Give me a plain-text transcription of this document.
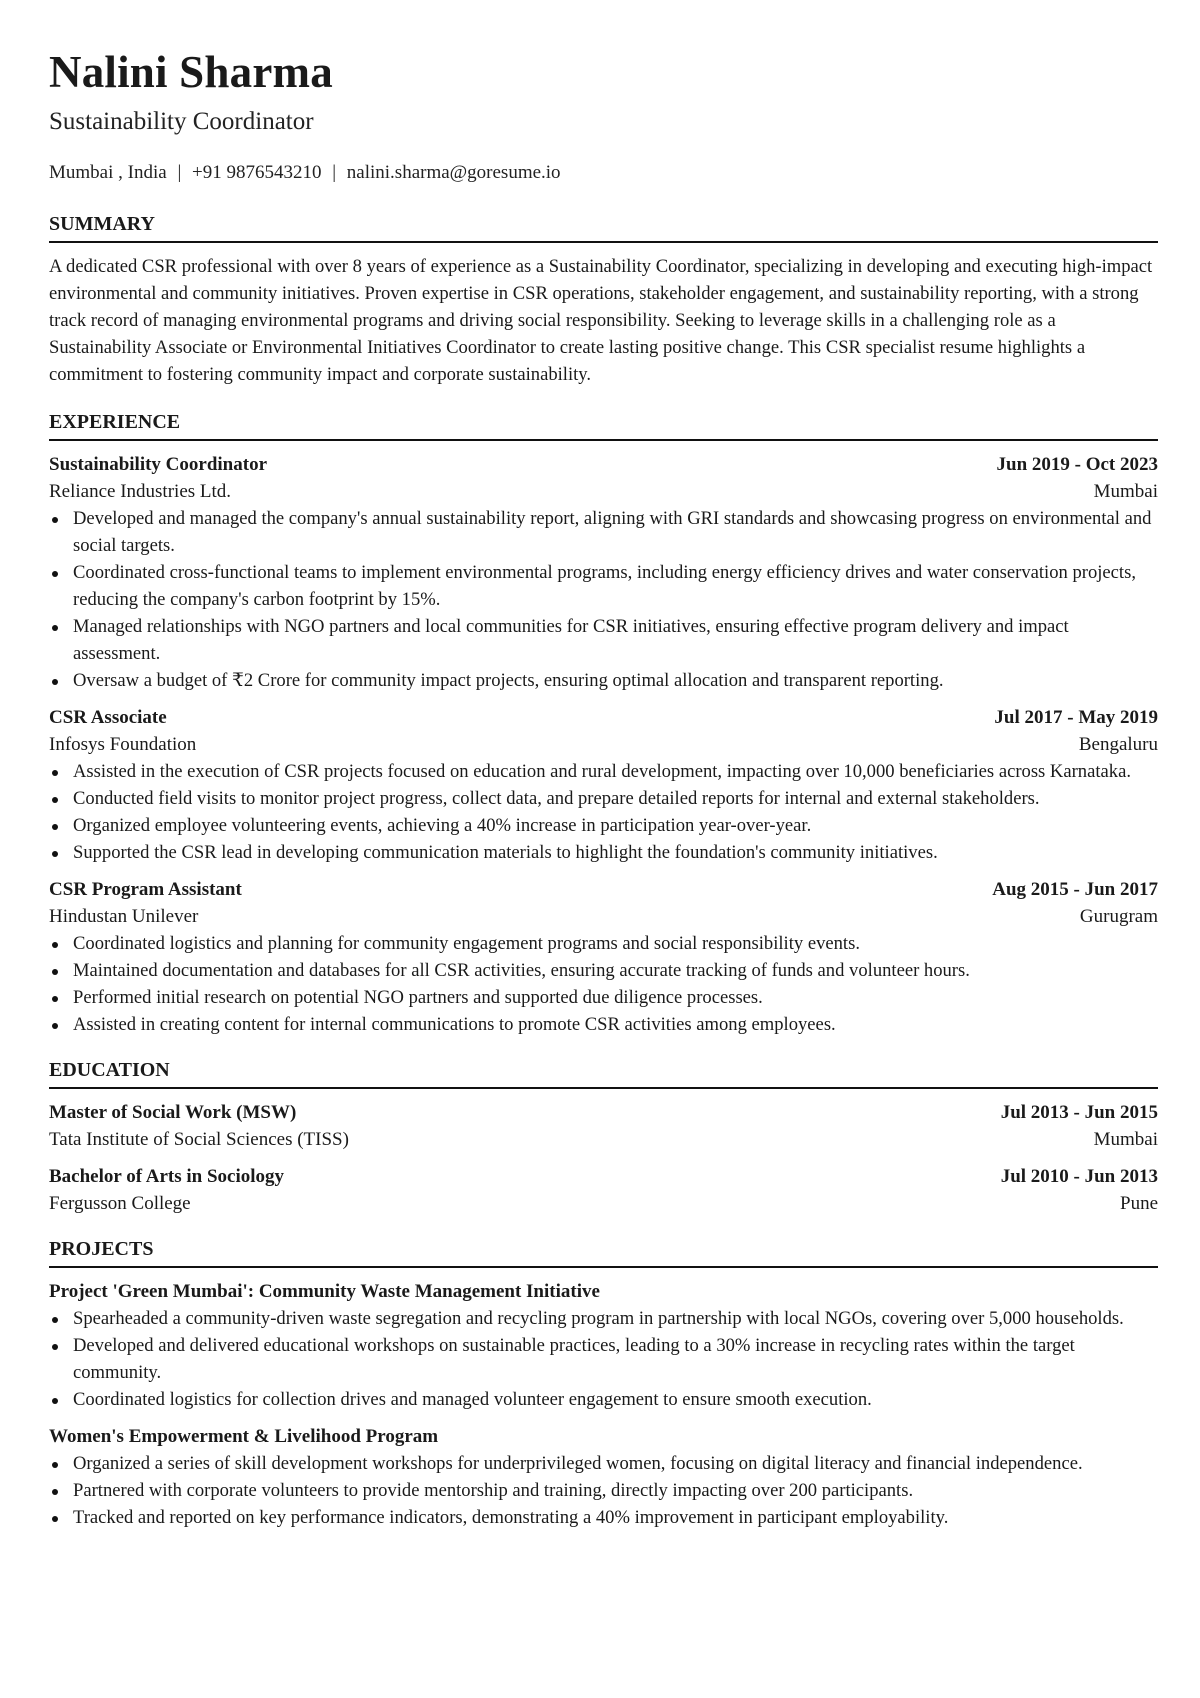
Nalini Sharma
Sustainability Coordinator
Mumbai , India | +91 9876543210 | nalini.sharma@goresume.io
SUMMARY

A dedicated CSR professional with over 8 years of experience as a Sustainability Coordinator, specializing in developing and executing high-impact environmental and community initiatives. Proven expertise in CSR operations, stakeholder engagement, and sustainability reporting, with a strong track record of managing environmental programs and driving social responsibility. Seeking to leverage skills in a challenging role as a Sustainability Associate or Environmental Initiatives Coordinator to create lasting positive change. This CSR specialist resume highlights a commitment to fostering community impact and corporate sustainability.

EXPERIENCE
Sustainability Coordinator	Jun 2019 - Oct 2023
Reliance Industries Ltd.	Mumbai
Developed and managed the company's annual sustainability report, aligning with GRI standards and showcasing progress on environmental and social targets.
Coordinated cross-functional teams to implement environmental programs, including energy efficiency drives and water conservation projects, reducing the company's carbon footprint by 15%.
Managed relationships with NGO partners and local communities for CSR initiatives, ensuring effective program delivery and impact assessment.
Oversaw a budget of ₹2 Crore for community impact projects, ensuring optimal allocation and transparent reporting.
CSR Associate	Jul 2017 - May 2019
Infosys Foundation	Bengaluru
Assisted in the execution of CSR projects focused on education and rural development, impacting over 10,000 beneficiaries across Karnataka.
Conducted field visits to monitor project progress, collect data, and prepare detailed reports for internal and external stakeholders.
Organized employee volunteering events, achieving a 40% increase in participation year-over-year.
Supported the CSR lead in developing communication materials to highlight the foundation's community initiatives.
CSR Program Assistant	Aug 2015 - Jun 2017
Hindustan Unilever	Gurugram
Coordinated logistics and planning for community engagement programs and social responsibility events.
Maintained documentation and databases for all CSR activities, ensuring accurate tracking of funds and volunteer hours.
Performed initial research on potential NGO partners and supported due diligence processes.
Assisted in creating content for internal communications to promote CSR activities among employees.
EDUCATION
Master of Social Work (MSW)	Jul 2013 - Jun 2015
Tata Institute of Social Sciences (TISS)	Mumbai
Bachelor of Arts in Sociology	Jul 2010 - Jun 2013
Fergusson College	Pune
PROJECTS
Project 'Green Mumbai': Community Waste Management Initiative
Spearheaded a community-driven waste segregation and recycling program in partnership with local NGOs, covering over 5,000 households.
Developed and delivered educational workshops on sustainable practices, leading to a 30% increase in recycling rates within the target community.
Coordinated logistics for collection drives and managed volunteer engagement to ensure smooth execution.
Women's Empowerment & Livelihood Program
Organized a series of skill development workshops for underprivileged women, focusing on digital literacy and financial independence.
Partnered with corporate volunteers to provide mentorship and training, directly impacting over 200 participants.
Tracked and reported on key performance indicators, demonstrating a 40% improvement in participant employability.
